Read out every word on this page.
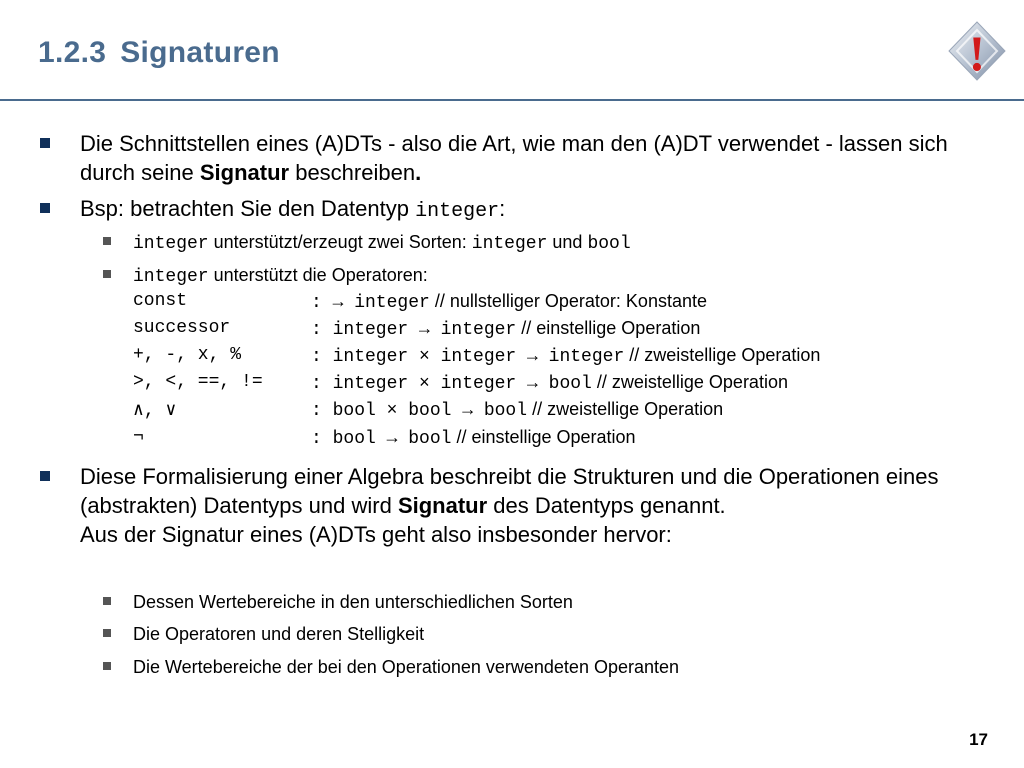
1.2.3 Signaturen	!
Die Schnittstellen eines (A)DTs - also die Art, wie man den (A)DT verwendet - lassen sich durch seine Signatur beschreiben.
Bsp: betrachten Sie den Datentyp integer:
integer unterstützt/erzeugt zwei Sorten: integer und bool
integer unterstützt die Operatoren:
const	: → integer // nullstelliger Operator: Konstante
successor	: integer → integer // einstellige Operation
+, -, x, %	: integer × integer → integer // zweistellige Operation
>, <, ==, !=	: integer × integer → bool // zweistellige Operation
∧, ∨	: bool × bool → bool // zweistellige Operation
¬	: bool → bool // einstellige Operation
Diese Formalisierung einer Algebra beschreibt die Strukturen und die Operationen eines (abstrakten) Datentyps und wird Signatur des Datentyps genannt.
Aus der Signatur eines (A)DTs geht also insbesonder hervor:
Dessen Wertebereiche in den unterschiedlichen Sorten
Die Operatoren und deren Stelligkeit
Die Wertebereiche der bei den Operationen verwendeten Operanten
17
